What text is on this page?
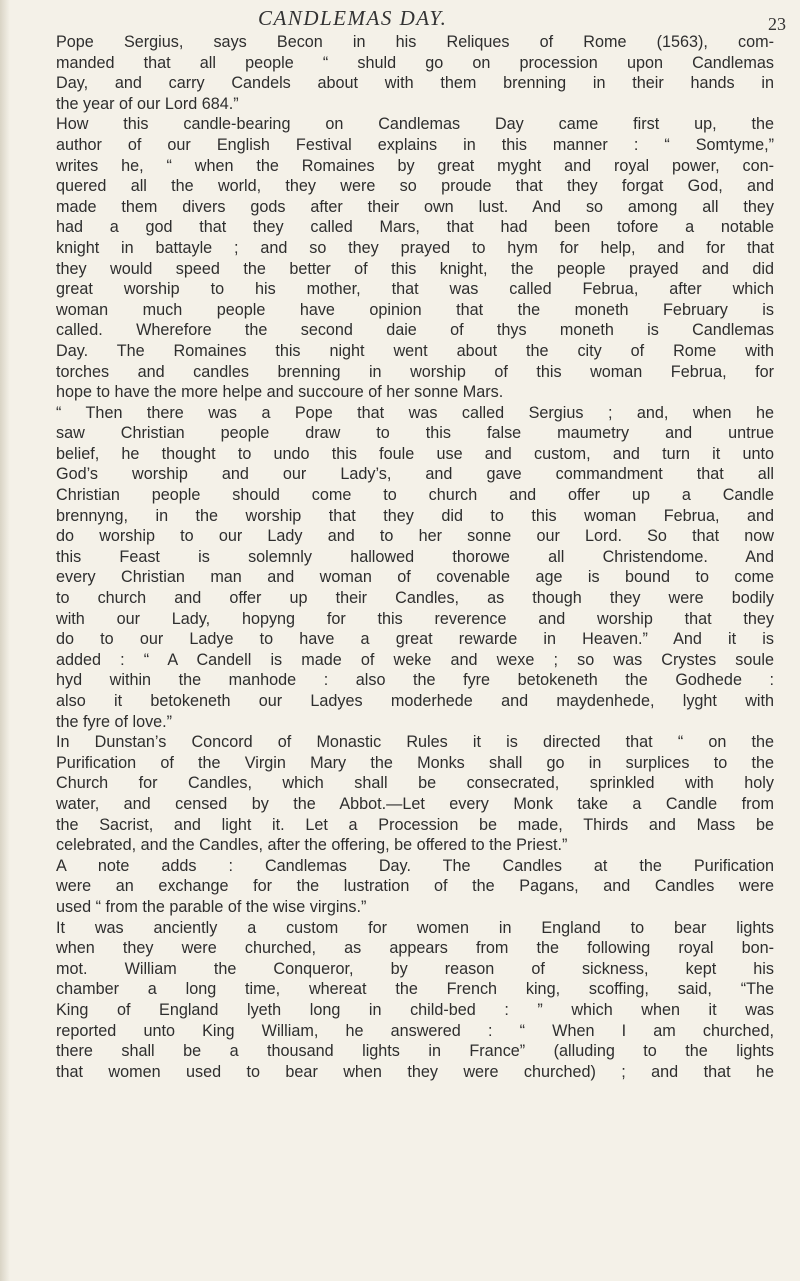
CANDLEMAS DAY.	23
Pope Sergius, says Becon in his Reliques of Rome (1563), com-
manded that all people “ shuld go on procession upon Candlemas
Day, and carry Candels about with them brenning in their hands in
the year of our Lord 684.”
How this candle-bearing on Candlemas Day came first up, the
author of our English Festival explains in this manner : “ Somtyme,”
writes he, “ when the Romaines by great myght and royal power, con-
quered all the world, they were so proude that they forgat God, and
made them divers gods after their own lust. And so among all they
had a god that they called Mars, that had been tofore a notable
knight in battayle ; and so they prayed to hym for help, and for that
they would speed the better of this knight, the people prayed and did
great worship to his mother, that was called Februa, after which
woman much people have opinion that the moneth February is
called. Wherefore the second daie of thys moneth is Candlemas
Day. The Romaines this night went about the city of Rome with
torches and candles brenning in worship of this woman Februa, for
hope to have the more helpe and succoure of her sonne Mars.
“ Then there was a Pope that was called Sergius ; and, when he
saw Christian people draw to this false maumetry and untrue
belief, he thought to undo this foule use and custom, and turn it unto
God’s worship and our Lady’s, and gave commandment that all
Christian people should come to church and offer up a Candle
brennyng, in the worship that they did to this woman Februa, and
do worship to our Lady and to her sonne our Lord. So that now
this Feast is solemnly hallowed thorowe all Christendome. And
every Christian man and woman of covenable age is bound to come
to church and offer up their Candles, as though they were bodily
with our Lady, hopyng for this reverence and worship that they
do to our Ladye to have a great rewarde in Heaven.” And it is
added : “ A Candell is made of weke and wexe ; so was Crystes soule
hyd within the manhode : also the fyre betokeneth the Godhede :
also it betokeneth our Ladyes moderhede and maydenhede, lyght with
the fyre of love.”
In Dunstan’s Concord of Monastic Rules it is directed that “ on the
Purification of the Virgin Mary the Monks shall go in surplices to the
Church for Candles, which shall be consecrated, sprinkled with holy
water, and censed by the Abbot.—Let every Monk take a Candle from
the Sacrist, and light it. Let a Procession be made, Thirds and Mass be
celebrated, and the Candles, after the offering, be offered to the Priest.”
A note adds : Candlemas Day. The Candles at the Purification
were an exchange for the lustration of the Pagans, and Candles were
used “ from the parable of the wise virgins.”
It was anciently a custom for women in England to bear lights
when they were churched, as appears from the following royal bon-
mot. William the Conqueror, by reason of sickness, kept his
chamber a long time, whereat the French king, scoffing, said, “The
King of England lyeth long in child-bed : ” which when it was
reported unto King William, he answered : “ When I am churched,
there shall be a thousand lights in France” (alluding to the lights
that women used to bear when they were churched) ; and that he
